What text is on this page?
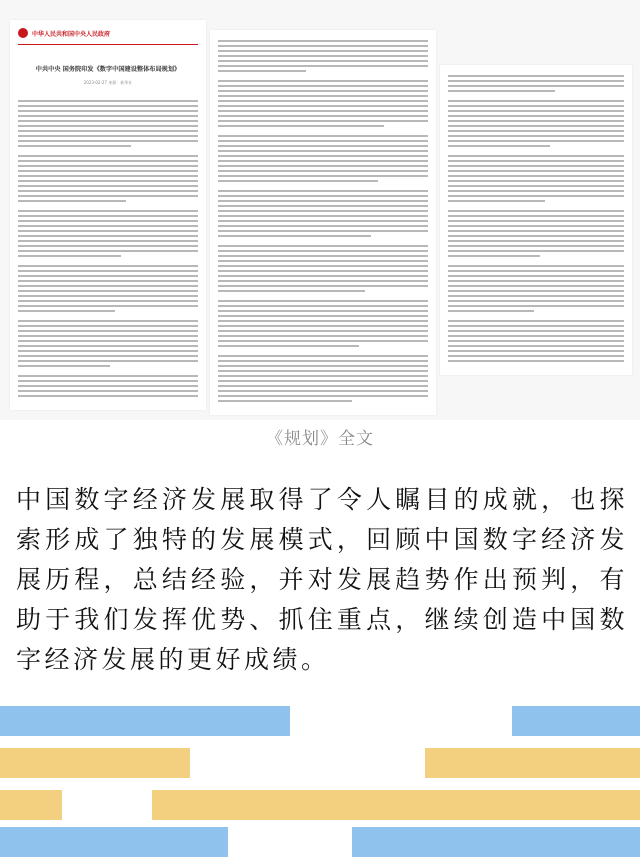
中华人民共和国中央人民政府
中共中央 国务院印发《数字中国建设整体布局规划》
2023-02-27 来源：新华社
《规划》全文
中国数字经济发展取得了令人瞩目的成就，也探索形成了独特的发展模式，回顾中国数字经济发展历程，总结经验，并对发展趋势作出预判，有助于我们发挥优势、抓住重点，继续创造中国数字经济发展的更好成绩。
